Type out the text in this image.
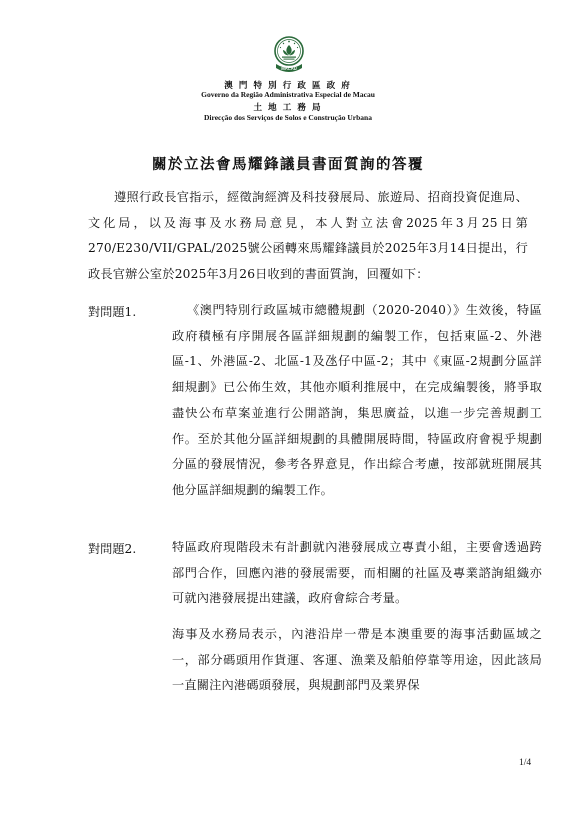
MACAU
澳 門 特 別 行 政 區 政 府
Governo da Região Administrativa Especial de Macau
土 地 工 務 局
Direcção dos Serviços de Solos e Construção Urbana
關於立法會馬耀鋒議員書面質詢的答覆
遵照行政長官指示，經徵詢經濟及科技發展局、旅遊局、招商投資促進局、文化局，以及海事及水務局意見，本人對立法會2025年3月25日第270/E230/VII/GPAL/2025號公函轉來馬耀鋒議員於2025年3月14日提出，行政長官辦公室於2025年3月26日收到的書面質詢，回覆如下：
對問題1.	《澳門特別行政區城市總體規劃（2020-2040）》生效後，特區政府積極有序開展各區詳細規劃的編製工作，包括東區-2、外港區-1、外港區-2、北區-1及氹仔中區-2；其中《東區-2規劃分區詳細規劃》已公佈生效，其他亦順利推展中，在完成編製後，將爭取盡快公布草案並進行公開諮詢，集思廣益，以進一步完善規劃工作。至於其他分區詳細規劃的具體開展時間，特區政府會視乎規劃分區的發展情況，參考各界意見，作出綜合考慮，按部就班開展其他分區詳細規劃的編製工作。
對問題2.	特區政府現階段未有計劃就內港發展成立專責小組，主要會透過跨部門合作，回應內港的發展需要，而相關的社區及專業諮詢組織亦可就內港發展提出建議，政府會綜合考量。
海事及水務局表示，內港沿岸一帶是本澳重要的海事活動區域之一，部分碼頭用作貨運、客運、漁業及船舶停靠等用途，因此該局一直關注內港碼頭發展，與規劃部門及業界保
1/4
